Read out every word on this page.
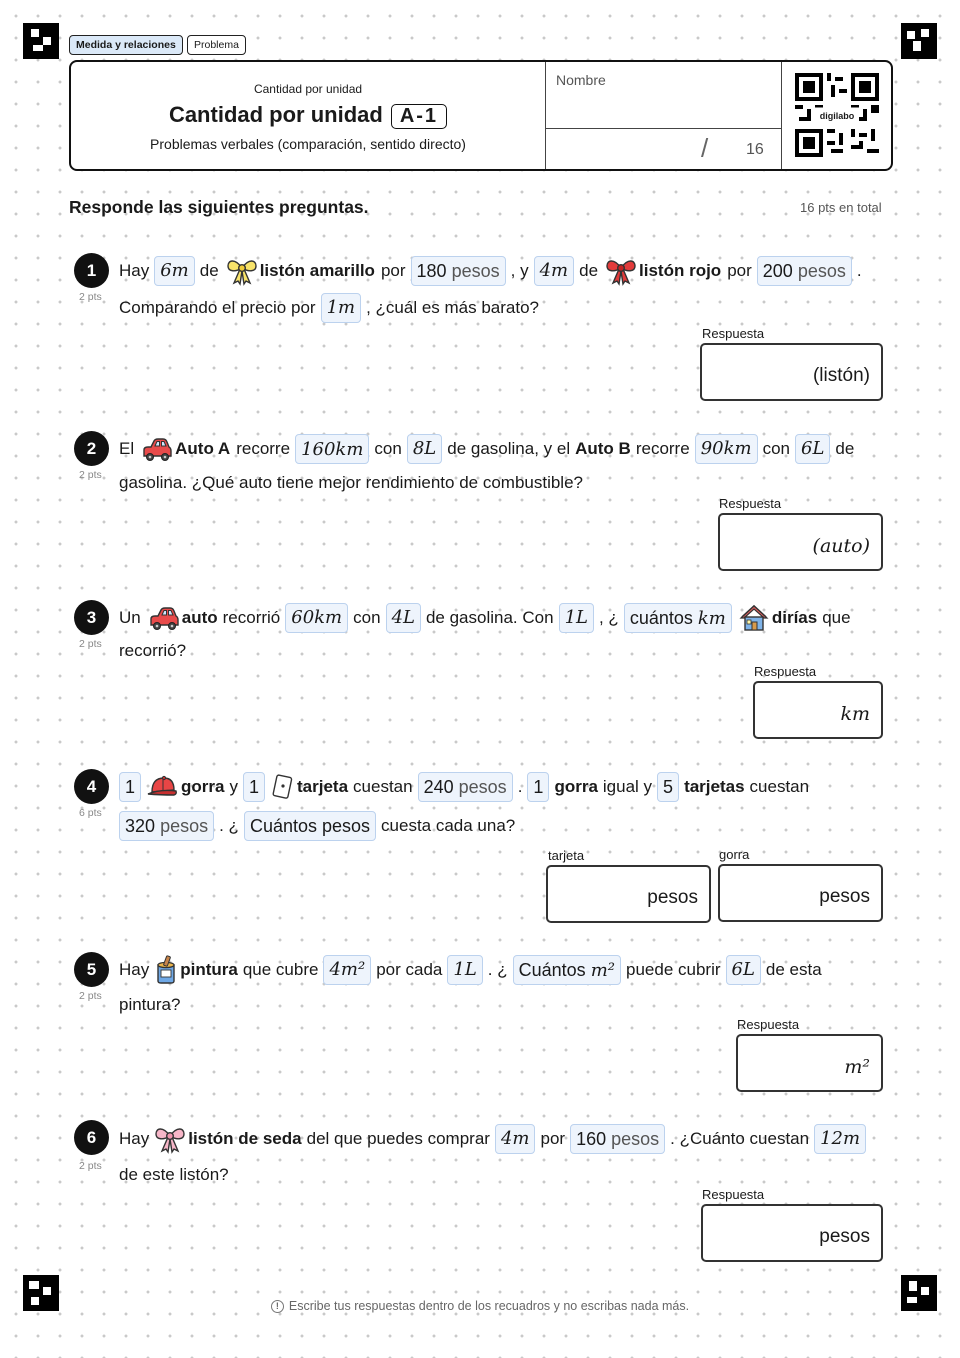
Medida y relaciones	Problema
Cantidad por unidad
Cantidad por unidad A-1
Problemas verbales (comparación, sentido directo)
Nombre
/ 16
digilabo
Responde las siguientes preguntas.	16 pts en total
1
2 pts
Hay 6m de listón amarillo por 180 pesos , y 4m de listón rojo por 200 pesos .
Comparando el precio por 1m , ¿cuál es más barato?
Respuesta
(listón)
2
2 pts
El Auto A recorre 160km con 8L de gasolina, y el Auto B recorre 90km con 6L de
gasolina. ¿Qué auto tiene mejor rendimiento de combustible?
Respuesta
(auto)
3
2 pts
Un auto recorrió 60km con 4L de gasolina. Con 1L , ¿ cuántos km	dirías que
recorrió?
Respuesta
km
4
6 pts
1	gorra y 1	tarjeta cuestan 240 pesos . 1 gorra igual y 5 tarjetas cuestan
320 pesos . ¿ Cuántos pesos cuesta cada una?
tarjeta
pesos
gorra
pesos
5
2 pts
Hay pintura que cubre 4m² por cada 1L . ¿ Cuántos m² puede cubrir 6L de esta
pintura?
Respuesta
m²
6
2 pts
Hay listón de seda del que puedes comprar 4m por 160 pesos . ¿Cuánto cuestan 12m
de este listón?
Respuesta
pesos
! Escribe tus respuestas dentro de los recuadros y no escribas nada más.
